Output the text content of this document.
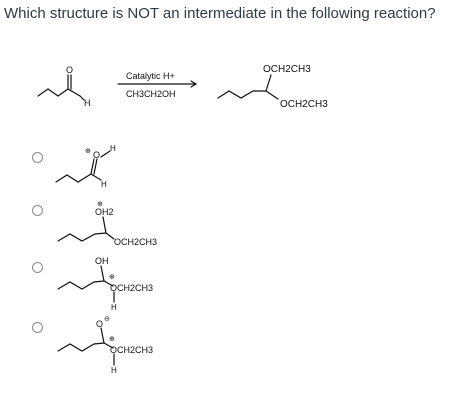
Which structure is NOT an intermediate in the following reaction?
O
H
Catalytic H+
CH3CH2OH
OCH2CH3
OCH2CH3
⊕ O
H
H
⊕
OH2
OCH2CH3
OH
⊕
OCH2CH3
H
O ⊖
⊕
OCH2CH3
H
